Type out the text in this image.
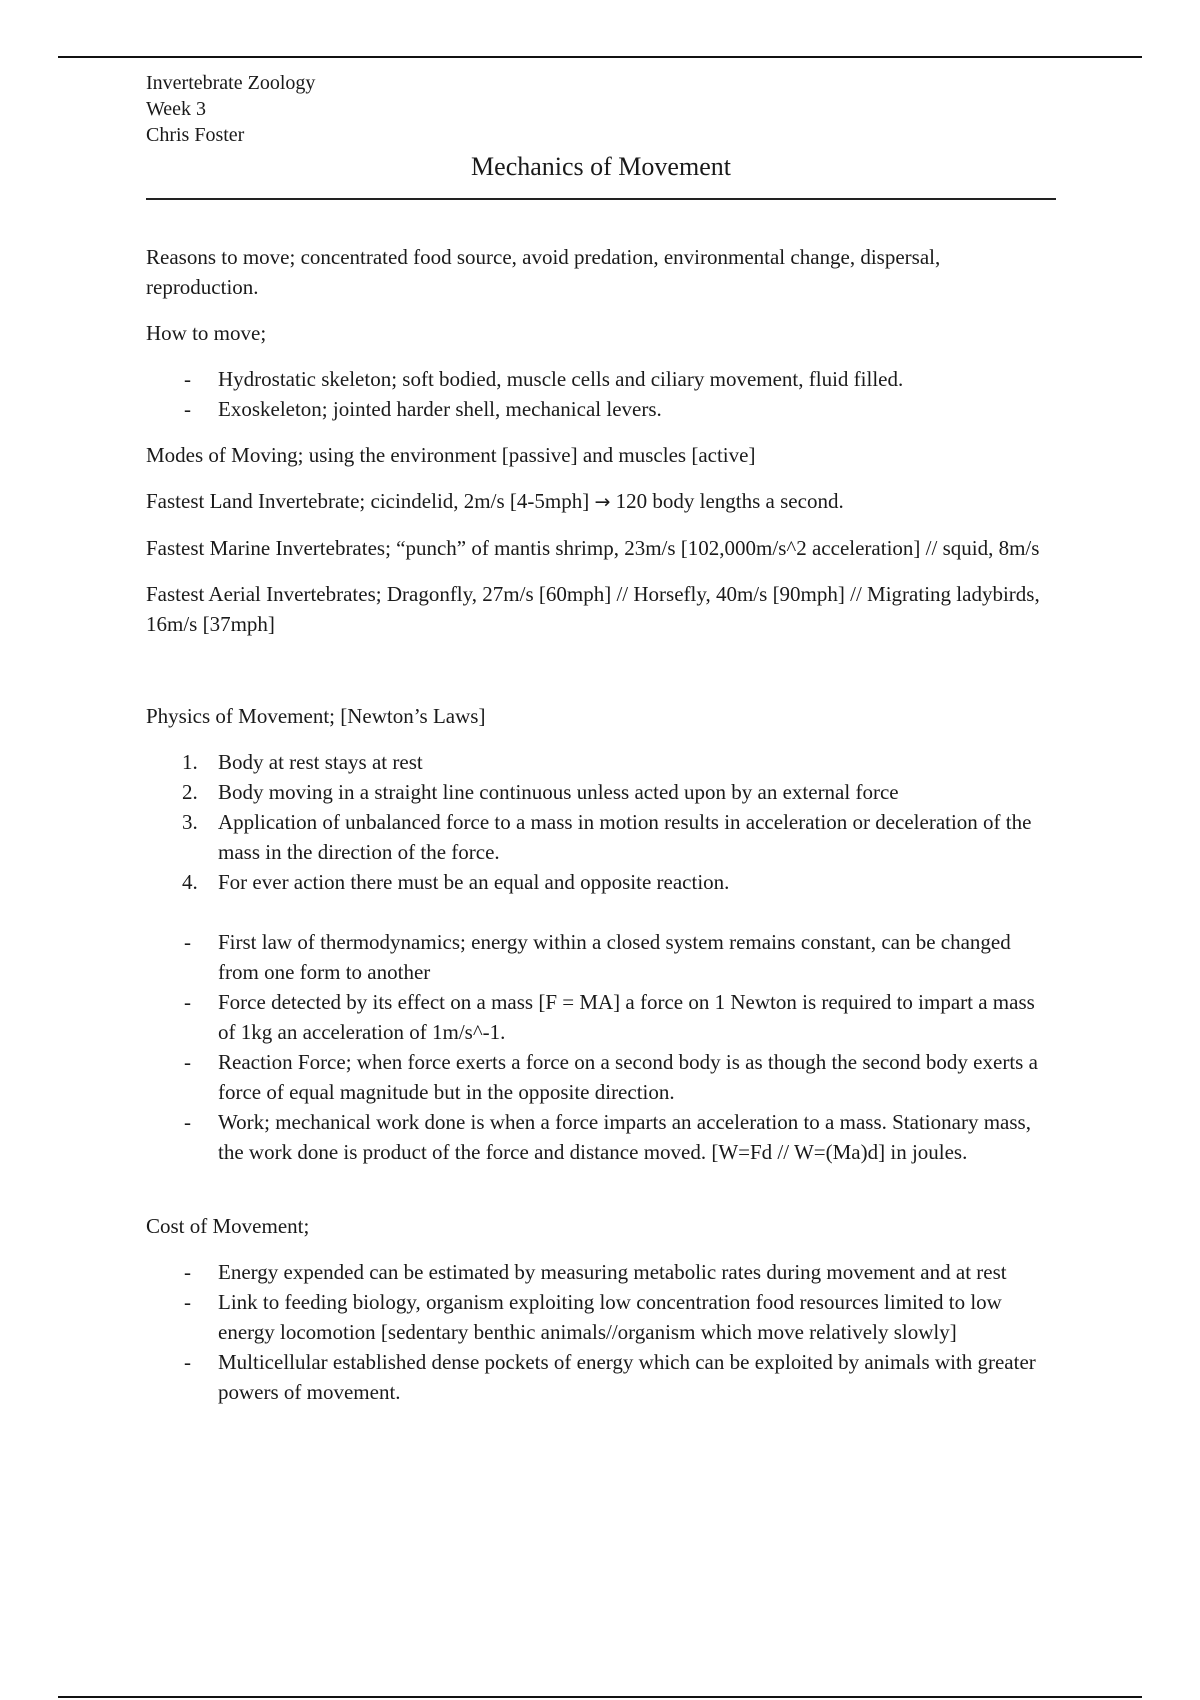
Invertebrate Zoology

Week 3

Chris Foster

Mechanics of Movement

Reasons to move; concentrated food source, avoid predation, environmental change, dispersal, reproduction.

How to move;

- Hydrostatic skeleton; soft bodied, muscle cells and ciliary movement, fluid filled.
- Exoskeleton; jointed harder shell, mechanical levers.

Modes of Moving; using the environment [passive] and muscles [active]

Fastest Land Invertebrate; cicindelid, 2m/s [4-5mph] → 120 body lengths a second.

Fastest Marine Invertebrates; “punch” of mantis shrimp, 23m/s [102,000m/s^2 acceleration] // squid, 8m/s

Fastest Aerial Invertebrates; Dragonfly, 27m/s [60mph] // Horsefly, 40m/s [90mph] // Migrating ladybirds, 16m/s [37mph]

Physics of Movement; [Newton’s Laws]

1. Body at rest stays at rest
2. Body moving in a straight line continuous unless acted upon by an external force
3. Application of unbalanced force to a mass in motion results in acceleration or deceleration of the mass in the direction of the force.
4. For ever action there must be an equal and opposite reaction.
- First law of thermodynamics; energy within a closed system remains constant, can be changed from one form to another
- Force detected by its effect on a mass [F = MA] a force on 1 Newton is required to impart a mass of 1kg an acceleration of 1m/s^-1.
- Reaction Force; when force exerts a force on a second body is as though the second body exerts a force of equal magnitude but in the opposite direction.
- Work; mechanical work done is when a force imparts an acceleration to a mass. Stationary mass, the work done is product of the force and distance moved. [W=Fd // W=(Ma)d] in joules.

Cost of Movement;

- Energy expended can be estimated by measuring metabolic rates during movement and at rest
- Link to feeding biology, organism exploiting low concentration food resources limited to low energy locomotion [sedentary benthic animals//organism which move relatively slowly]
- Multicellular established dense pockets of energy which can be exploited by animals with greater powers of movement.
